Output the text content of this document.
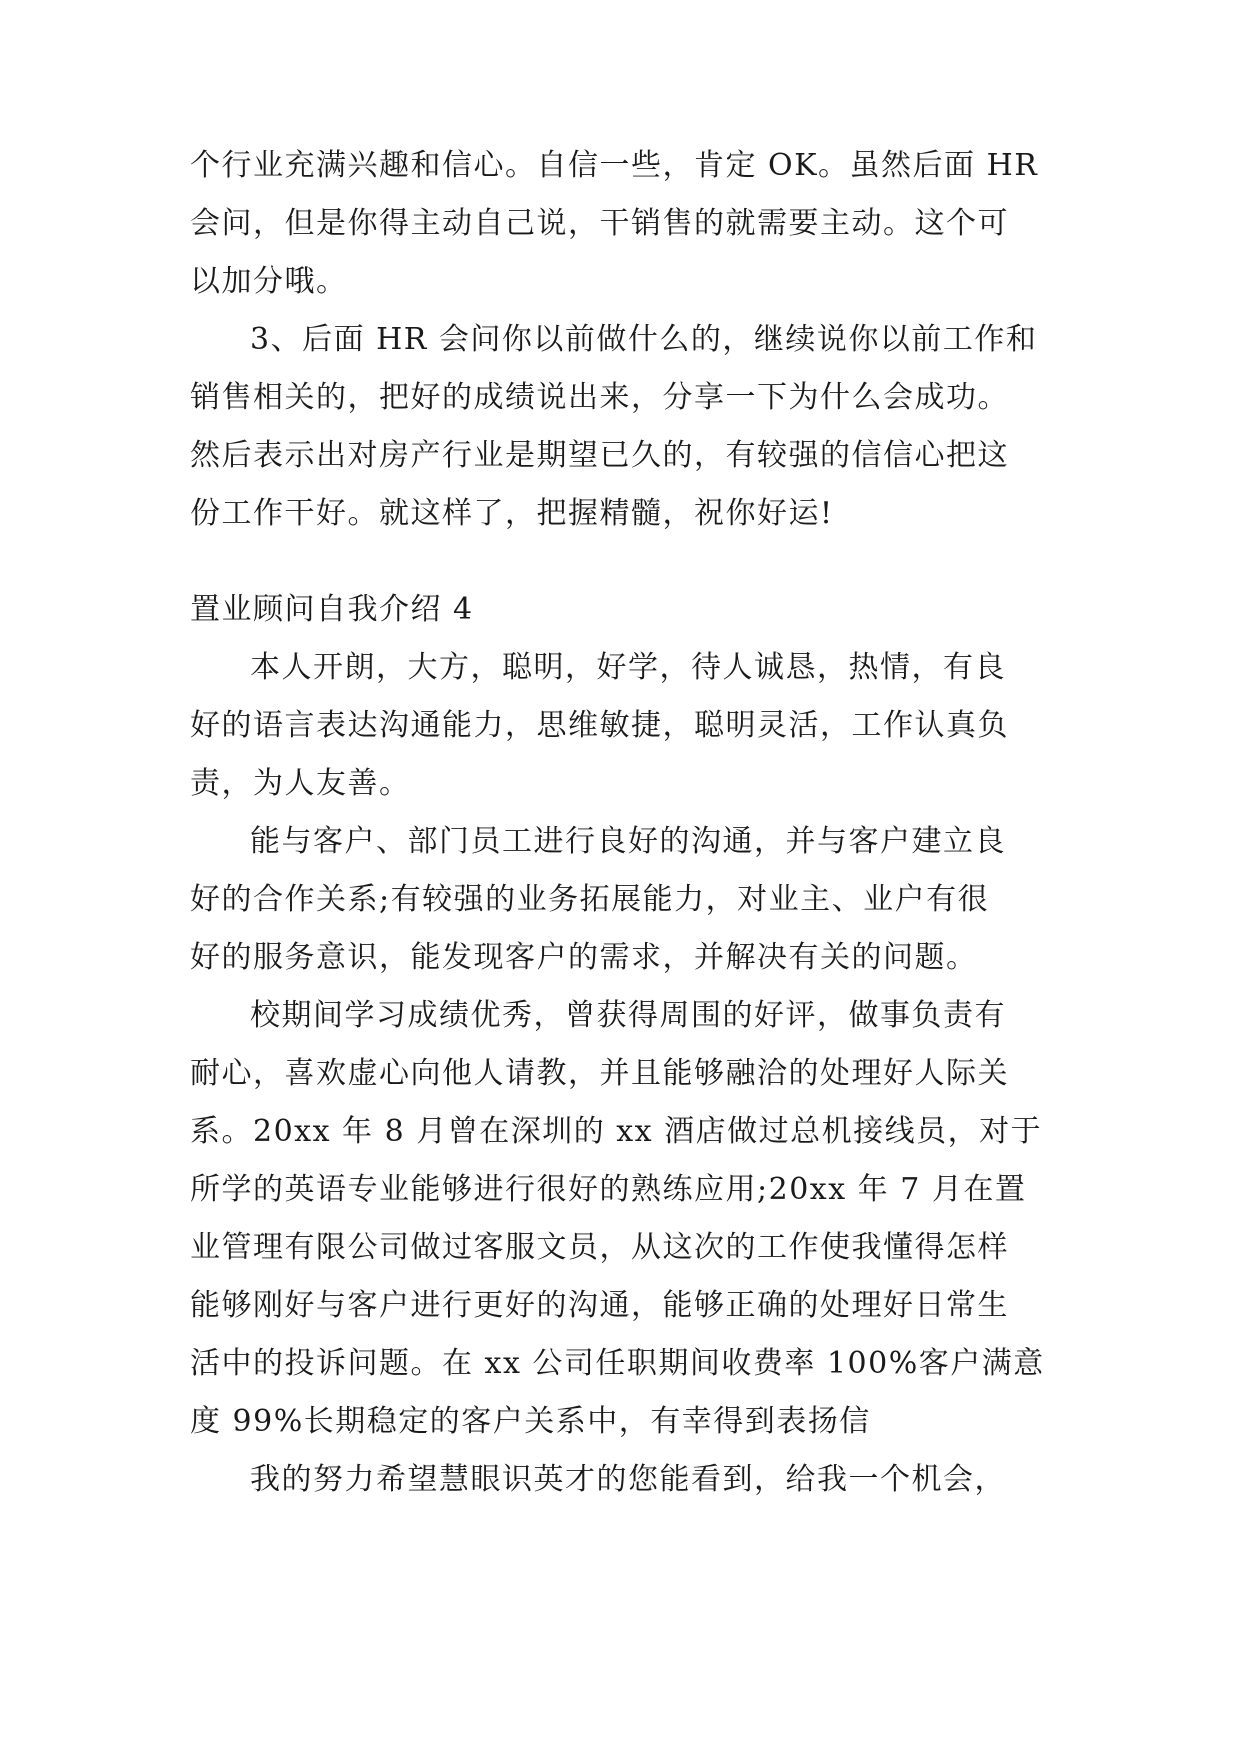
个行业充满兴趣和信心。自信一些，肯定 OK。虽然后面 HR
会问，但是你得主动自己说，干销售的就需要主动。这个可
以加分哦。
3、后面 HR 会问你以前做什么的，继续说你以前工作和
销售相关的，把好的成绩说出来，分享一下为什么会成功。
然后表示出对房产行业是期望已久的，有较强的信信心把这
份工作干好。就这样了，把握精髓，祝你好运!
置业顾问自我介绍 4
本人开朗，大方，聪明，好学，待人诚恳，热情，有良
好的语言表达沟通能力，思维敏捷，聪明灵活，工作认真负
责，为人友善。
能与客户、部门员工进行良好的沟通，并与客户建立良
好的合作关系;有较强的业务拓展能力，对业主、业户有很
好的服务意识，能发现客户的需求，并解决有关的问题。
校期间学习成绩优秀，曾获得周围的好评，做事负责有
耐心，喜欢虚心向他人请教，并且能够融洽的处理好人际关
系。20xx 年 8 月曾在深圳的 xx 酒店做过总机接线员，对于
所学的英语专业能够进行很好的熟练应用;20xx 年 7 月在置
业管理有限公司做过客服文员，从这次的工作使我懂得怎样
能够刚好与客户进行更好的沟通，能够正确的处理好日常生
活中的投诉问题。在 xx 公司任职期间收费率 100%客户满意
度 99%长期稳定的客户关系中，有幸得到表扬信
我的努力希望慧眼识英才的您能看到，给我一个机会，
